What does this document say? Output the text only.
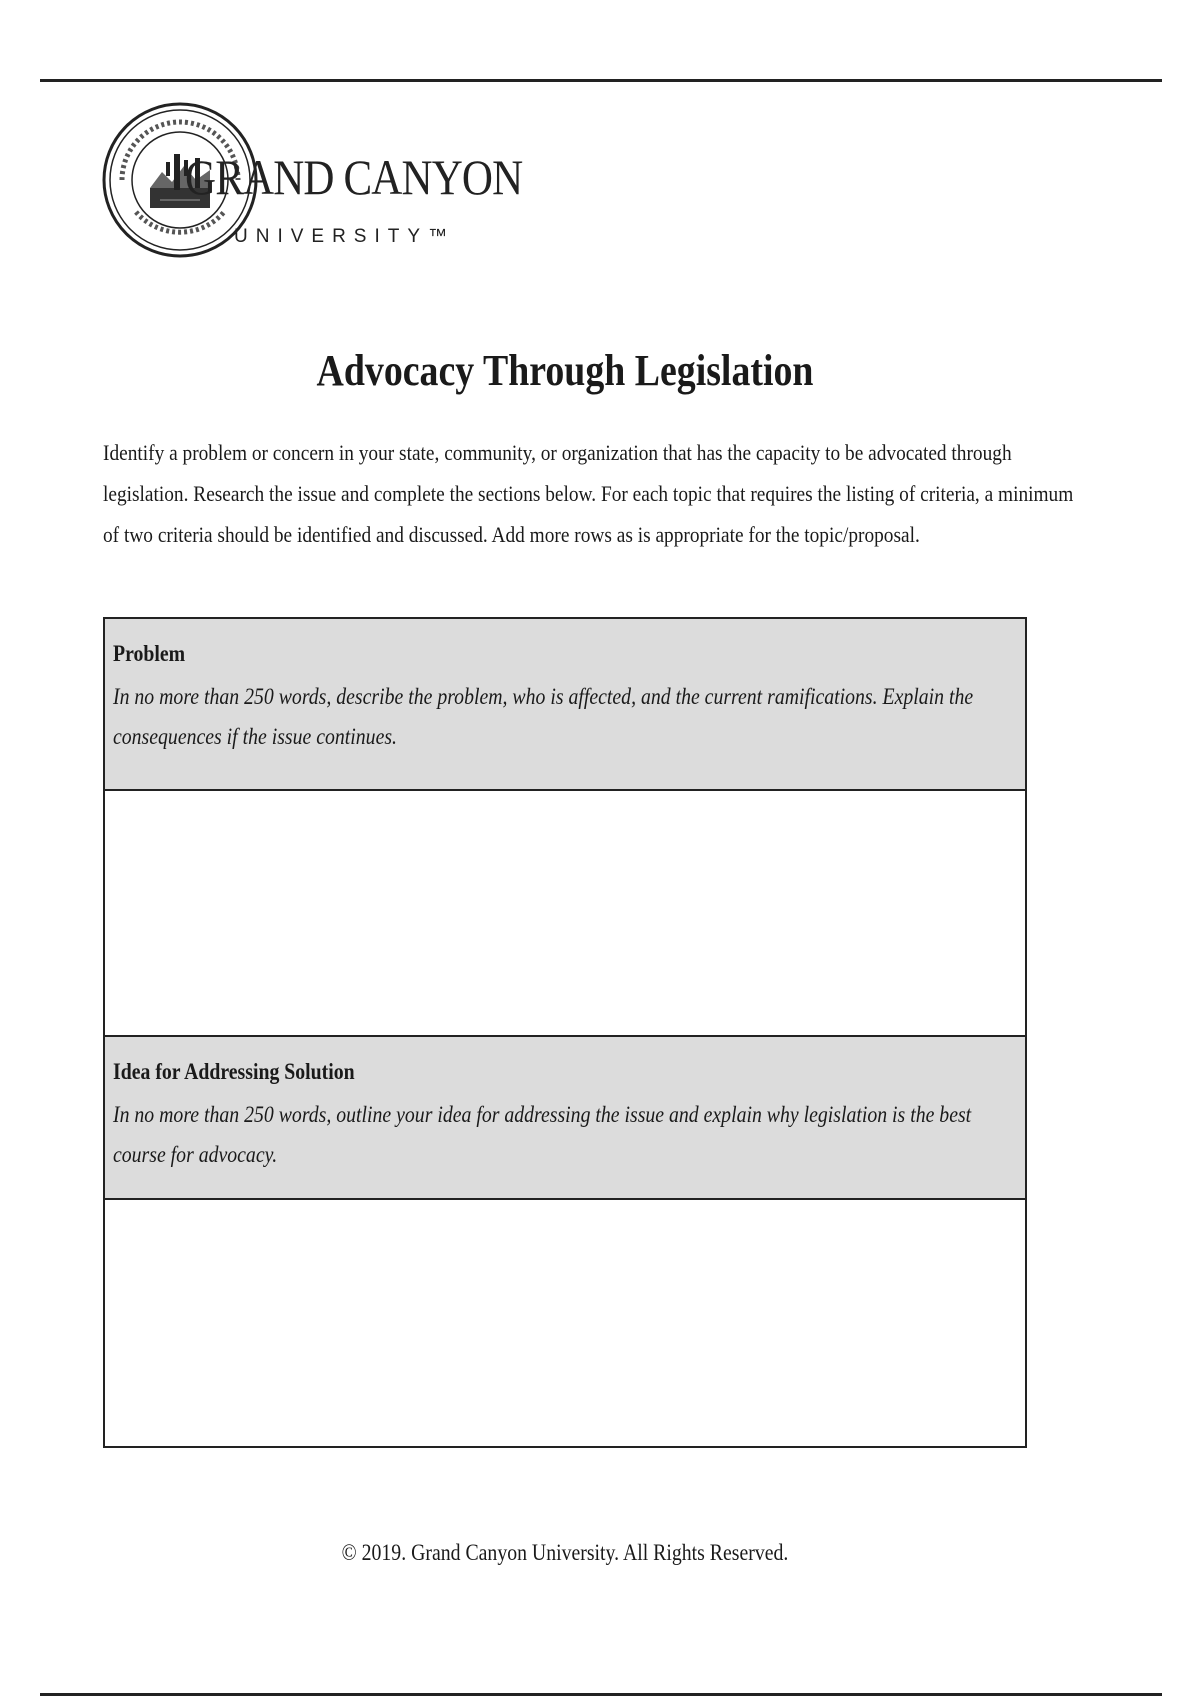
GRAND CANYON
UNIVERSITY™
Advocacy Through Legislation

Identify a problem or concern in your state, community, or organization that has the capacity to be advocated through legislation. Research the issue and complete the sections below. For each topic that requires the listing of criteria, a minimum of two criteria should be identified and discussed. Add more rows as is appropriate for the topic/proposal.

Problem

In no more than 250 words, describe the problem, who is affected, and the current ramifications. Explain the consequences if the issue continues.

Idea for Addressing Solution

In no more than 250 words, outline your idea for addressing the issue and explain why legislation is the best course for advocacy.

© 2019. Grand Canyon University. All Rights Reserved.
